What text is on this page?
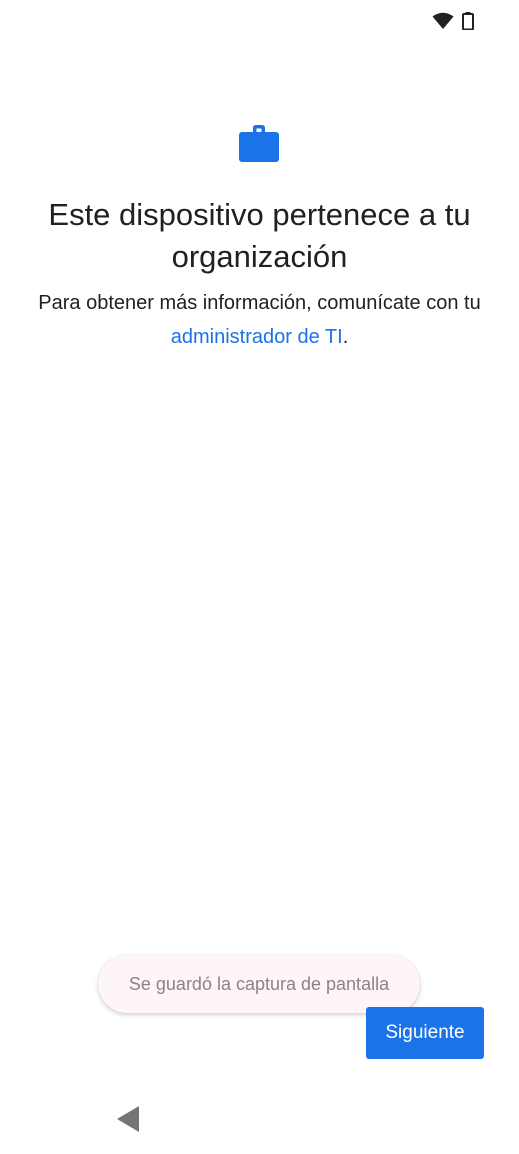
Este dispositivo pertenece a tu organización

Para obtener más información, comunícate con tu administrador de TI.

Se guardó la captura de pantalla
Siguiente
